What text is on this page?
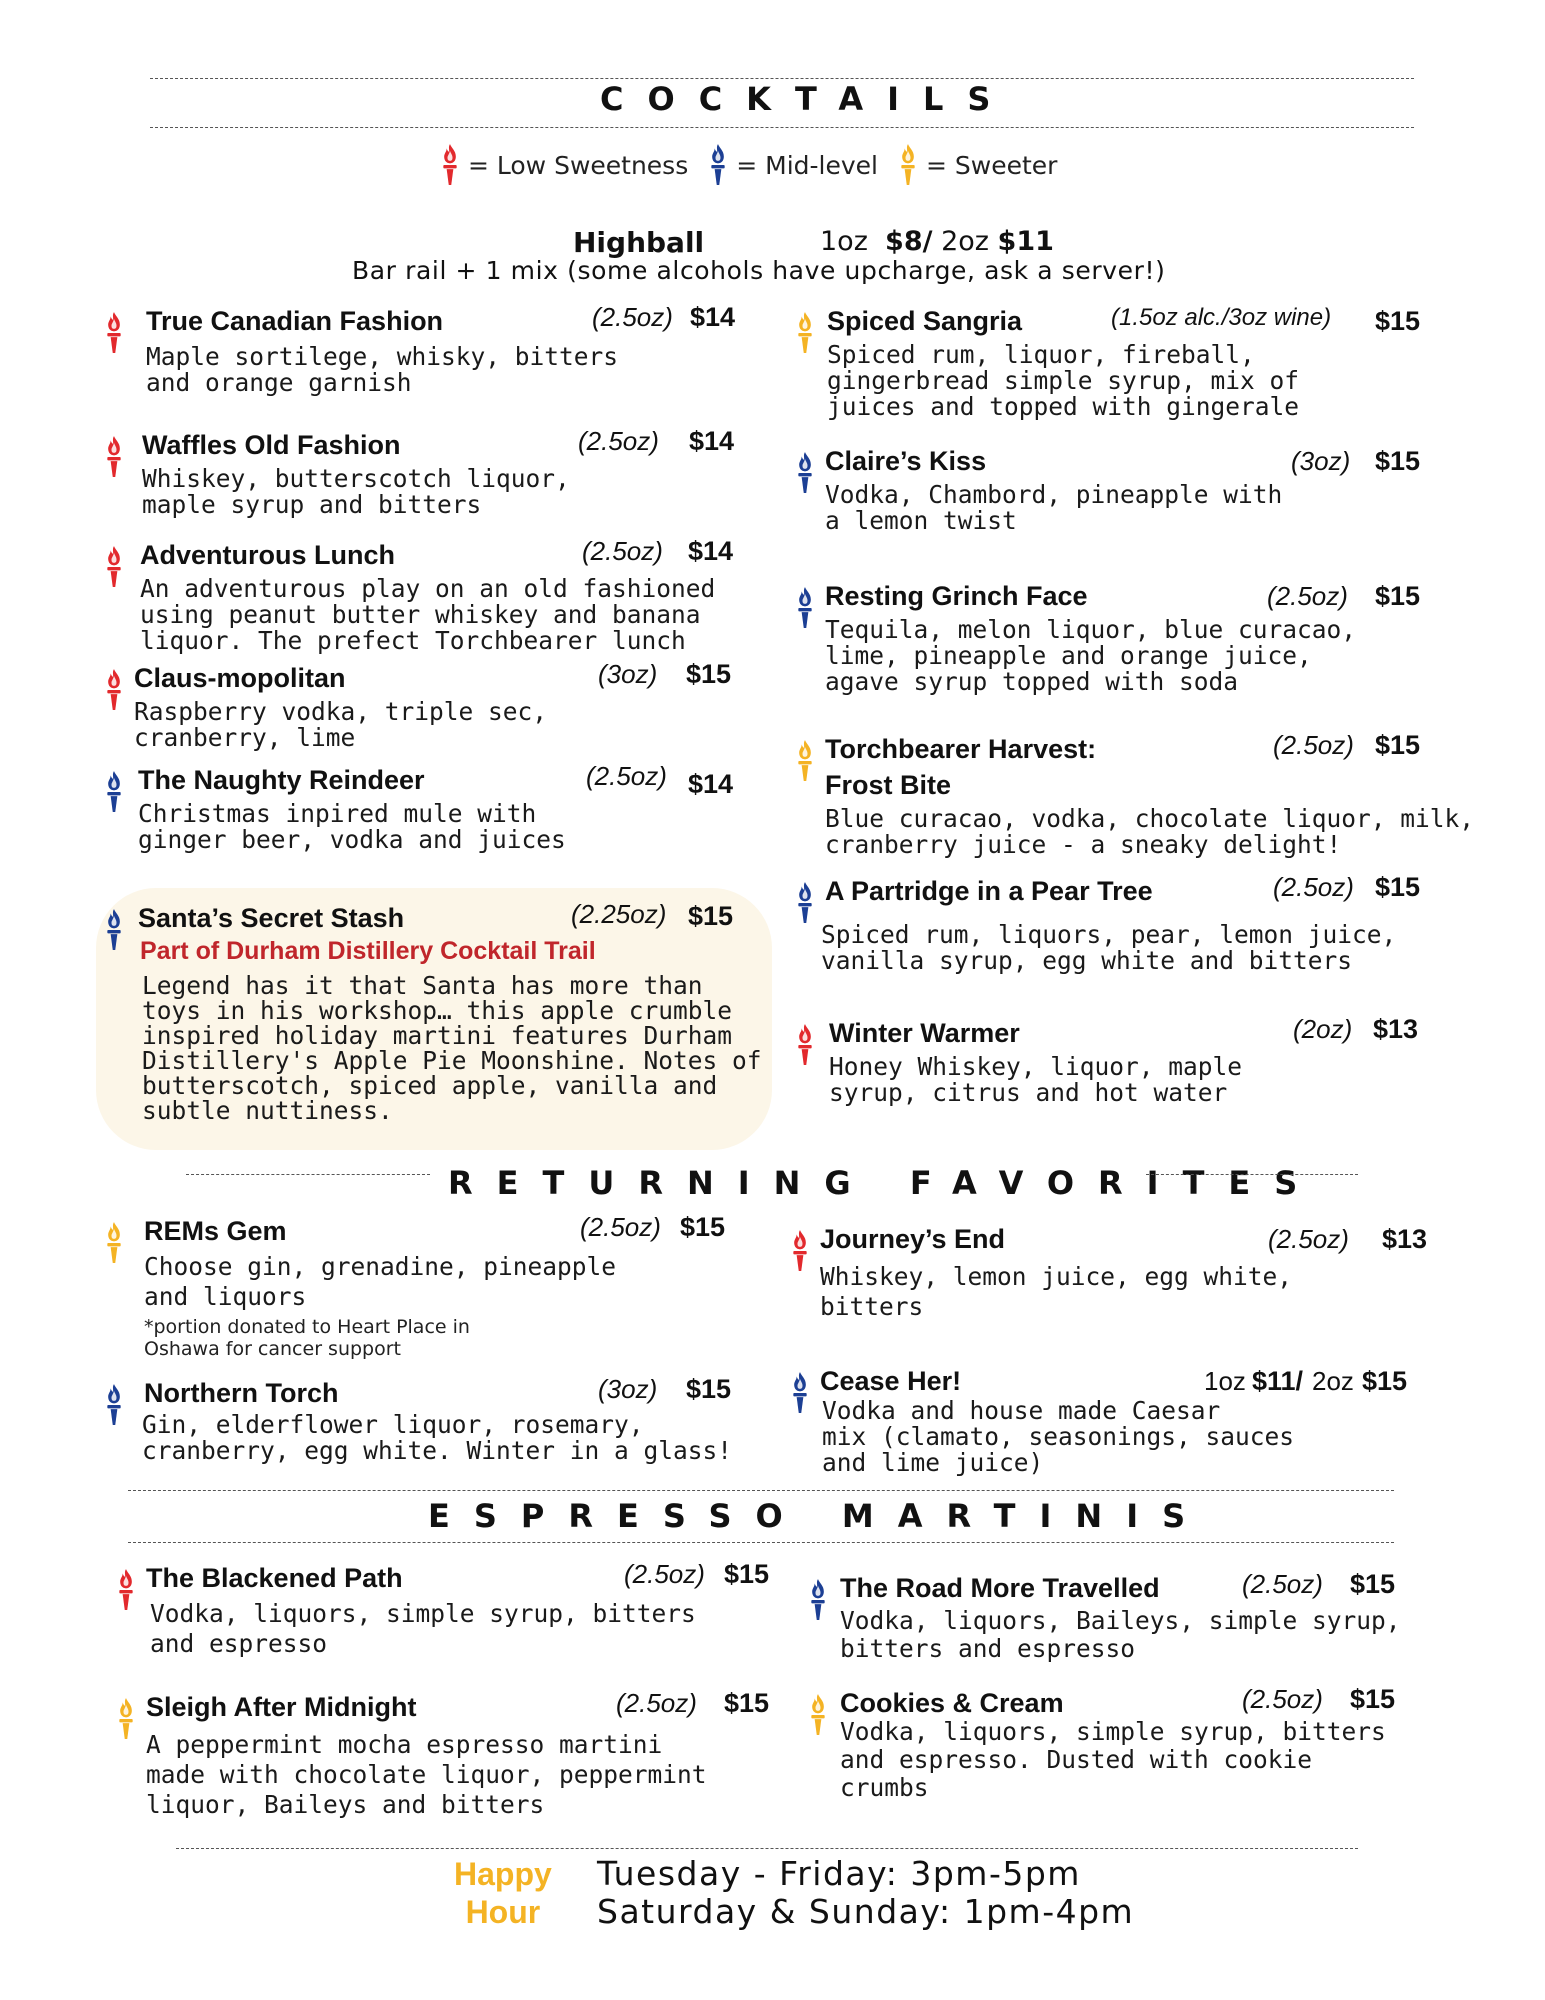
COCKTAILS
= Low Sweetness = Mid-level = Sweeter
Highball	1oz $8/ 2oz $11
Bar rail + 1 mix (some alcohols have upcharge, ask a server!)
True Canadian Fashion	(2.5oz) $14
Maple sortilege, whisky, bitters
and orange garnish
Waffles Old Fashion	(2.5oz) $14
Whiskey, butterscotch liquor,
maple syrup and bitters
Adventurous Lunch	(2.5oz) $14
An adventurous play on an old fashioned
using peanut butter whiskey and banana
liquor. The prefect Torchbearer lunch
Claus-mopolitan	(3oz) $15
Raspberry vodka, triple sec,
cranberry, lime
The Naughty Reindeer	(2.5oz) $14
Christmas inpired mule with
ginger beer, vodka and juices
Santa’s Secret Stash	(2.25oz) $15
Part of Durham Distillery Cocktail Trail
Legend has it that Santa has more than
toys in his workshop… this apple crumble
inspired holiday martini features Durham
Distillery's Apple Pie Moonshine. Notes of
butterscotch, spiced apple, vanilla and
subtle nuttiness.
Spiced Sangria	(1.5oz alc./3oz wine) $15
Spiced rum, liquor, fireball,
gingerbread simple syrup, mix of
juices and topped with gingerale
Claire’s Kiss	(3oz) $15
Vodka, Chambord, pineapple with
a lemon twist
Resting Grinch Face	(2.5oz) $15
Tequila, melon liquor, blue curacao,
lime, pineapple and orange juice,
agave syrup topped with soda
Torchbearer Harvest:
Frost Bite
(2.5oz) $15
Blue curacao, vodka, chocolate liquor, milk,
cranberry juice - a sneaky delight!
A Partridge in a Pear Tree	(2.5oz) $15
Spiced rum, liquors, pear, lemon juice,
vanilla syrup, egg white and bitters
Winter Warmer	(2oz) $13
Honey Whiskey, liquor, maple
syrup, citrus and hot water
RETURNING FAVORITES
REMs Gem	(2.5oz) $15
Choose gin, grenadine, pineapple
and liquors
*portion donated to Heart Place in
Oshawa for cancer support
Northern Torch	(3oz) $15
Gin, elderflower liquor, rosemary,
cranberry, egg white. Winter in a glass!
Journey’s End	(2.5oz) $13
Whiskey, lemon juice, egg white,
bitters
Cease Her!	1oz $11/ 2oz $15
Vodka and house made Caesar
mix (clamato, seasonings, sauces
and lime juice)
ESPRESSO MARTINIS
The Blackened Path	(2.5oz) $15
Vodka, liquors, simple syrup, bitters
and espresso
Sleigh After Midnight	(2.5oz) $15
A peppermint mocha espresso martini
made with chocolate liquor, peppermint
liquor, Baileys and bitters
The Road More Travelled	(2.5oz) $15
Vodka, liquors, Baileys, simple syrup,
bitters and espresso
Cookies & Cream	(2.5oz) $15
Vodka, liquors, simple syrup, bitters
and espresso. Dusted with cookie
crumbs
Happy
Hour
Tuesday - Friday: 3pm-5pm
Saturday & Sunday: 1pm-4pm
